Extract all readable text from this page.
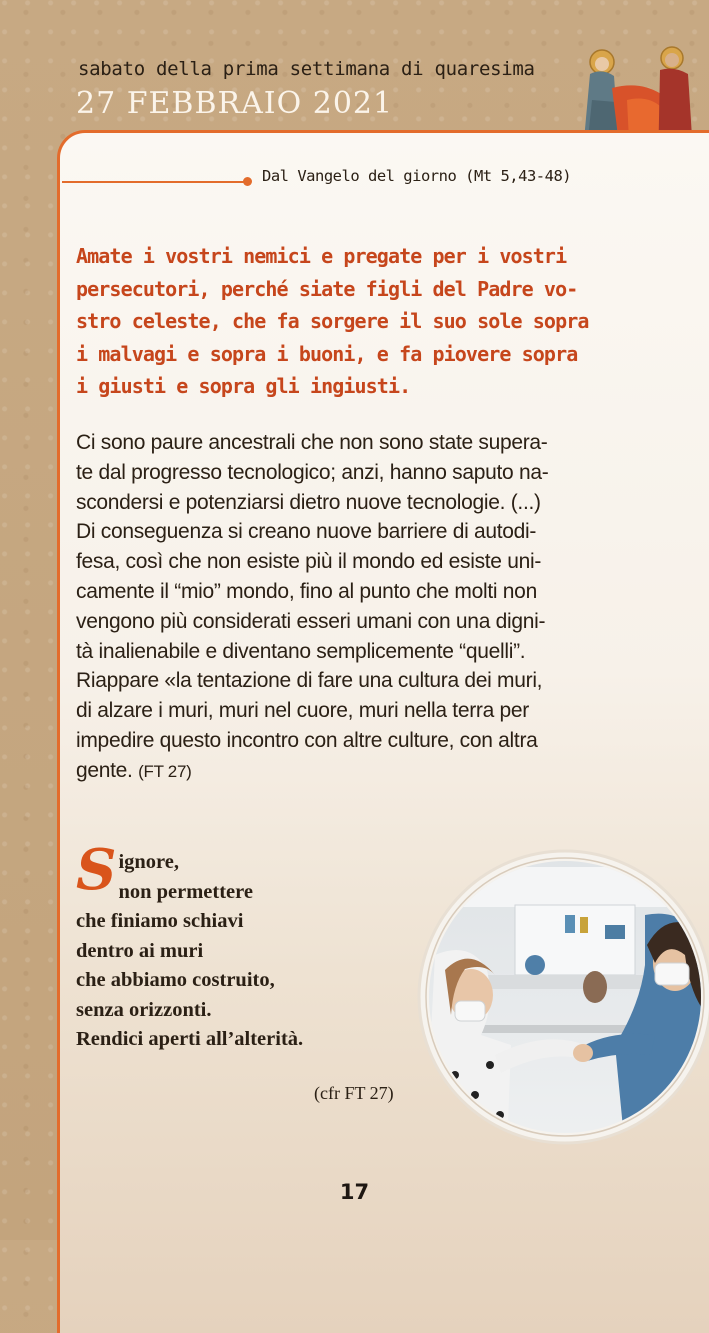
sabato della prima settimana di quaresima
27 FEBBRAIO 2021
Dal Vangelo del giorno (Mt 5,43-48)

Amate i vostri nemici e pregate per i vostri
persecutori, perché siate figli del Padre vo-
stro celeste, che fa sorgere il suo sole sopra
i malvagi e sopra i buoni, e fa piovere sopra
i giusti e sopra gli ingiusti.

Ci sono paure ancestrali che non sono state supera-
te dal progresso tecnologico; anzi, hanno saputo na-
scondersi e potenziarsi dietro nuove tecnologie. (...)
Di conseguenza si creano nuove barriere di autodi-
fesa, così che non esiste più il mondo ed esiste uni-
camente il “mio” mondo, fino al punto che molti non
vengono più considerati esseri umani con una digni-
tà inalienabile e diventano semplicemente “quelli”.
Riappare «la tentazione di fare una cultura dei muri,
di alzare i muri, muri nel cuore, muri nella terra per
impedire questo incontro con altre culture, con altra
gente. (FT 27)

Signore,
non permettere
che finiamo schiavi
dentro ai muri
che abbiamo costruito,
senza orizzonti.
Rendici aperti all’alterità.
(cfr FT 27)
17
